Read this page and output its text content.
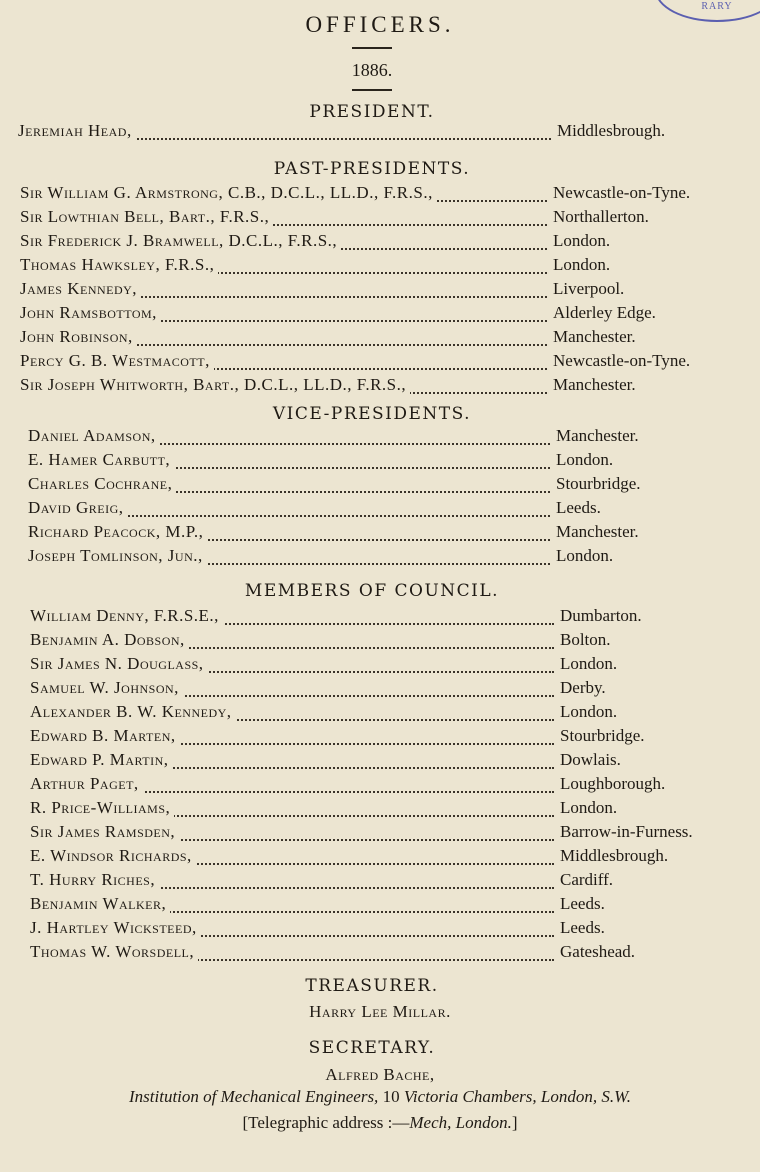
RARY
OFFICERS.
1886.
PRESIDENT.
Jeremiah Head,	Middlesbrough.
PAST-PRESIDENTS.
Sir William G. Armstrong, C.B., D.C.L., LL.D., F.R.S.,	Newcastle-on-Tyne.
Sir Lowthian Bell, Bart., F.R.S.,	Northallerton.
Sir Frederick J. Bramwell, D.C.L., F.R.S.,	London.
Thomas Hawksley, F.R.S.,	London.
James Kennedy,	Liverpool.
John Ramsbottom,	Alderley Edge.
John Robinson,	Manchester.
Percy G. B. Westmacott,	Newcastle-on-Tyne.
Sir Joseph Whitworth, Bart., D.C.L., LL.D., F.R.S.,	Manchester.
VICE-PRESIDENTS.
Daniel Adamson,	Manchester.
E. Hamer Carbutt,	London.
Charles Cochrane,	Stourbridge.
David Greig,	Leeds.
Richard Peacock, M.P.,	Manchester.
Joseph Tomlinson, Jun.,	London.
MEMBERS OF COUNCIL.
William Denny, F.R.S.E.,	Dumbarton.
Benjamin A. Dobson,	Bolton.
Sir James N. Douglass,	London.
Samuel W. Johnson,	Derby.
Alexander B. W. Kennedy,	London.
Edward B. Marten,	Stourbridge.
Edward P. Martin,	Dowlais.
Arthur Paget,	Loughborough.
R. Price-Williams,	London.
Sir James Ramsden,	Barrow-in-Furness.
E. Windsor Richards,	Middlesbrough.
T. Hurry Riches,	Cardiff.
Benjamin Walker,	Leeds.
J. Hartley Wicksteed,	Leeds.
Thomas W. Worsdell,	Gateshead.
TREASURER.
Harry Lee Millar.
SECRETARY.
Alfred Bache,
Institution of Mechanical Engineers, 10 Victoria Chambers, London, S.W.
[Telegraphic address :—Mech, London.]
